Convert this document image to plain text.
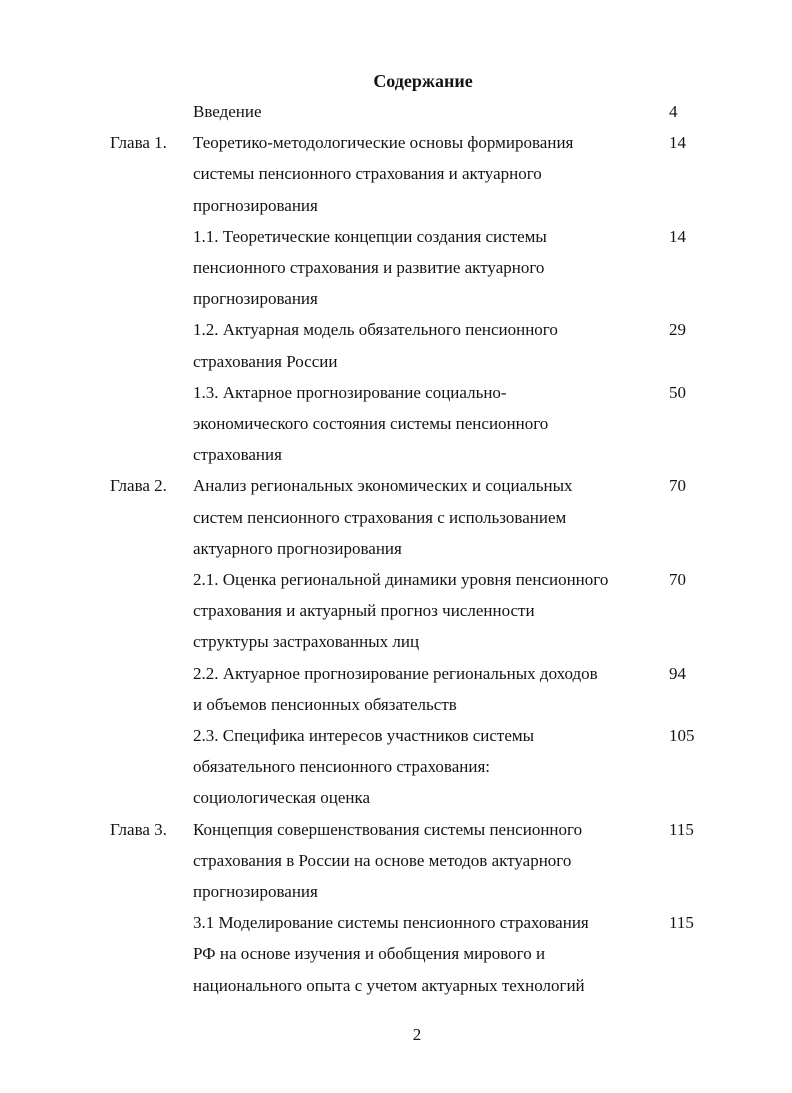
Содержание
Введение	4
Глава 1. Теоретико-методологические основы формирования
системы пенсионного страхования и актуарного
прогнозирования
14
1.1. Теоретические концепции создания системы
пенсионного страхования и развитие актуарного
прогнозирования
14
1.2. Актуарная модель обязательного пенсионного
страхования России
29
1.3. Актарное прогнозирование социально-
экономического состояния системы пенсионного
страхования
50
Глава 2. Анализ региональных экономических и социальных
систем пенсионного страхования с использованием
актуарного прогнозирования
70
2.1. Оценка региональной динамики уровня пенсионного
страхования и актуарный прогноз численности
структуры застрахованных лиц
70
2.2. Актуарное прогнозирование региональных доходов
и объемов пенсионных обязательств
94
2.3. Специфика интересов участников системы
обязательного пенсионного страхования:
социологическая оценка
105
Глава 3. Концепция совершенствования системы пенсионного
страхования в России на основе методов актуарного
прогнозирования
115
3.1 Моделирование системы пенсионного страхования
РФ на основе изучения и обобщения мирового и
национального опыта с учетом актуарных технологий
115
2
